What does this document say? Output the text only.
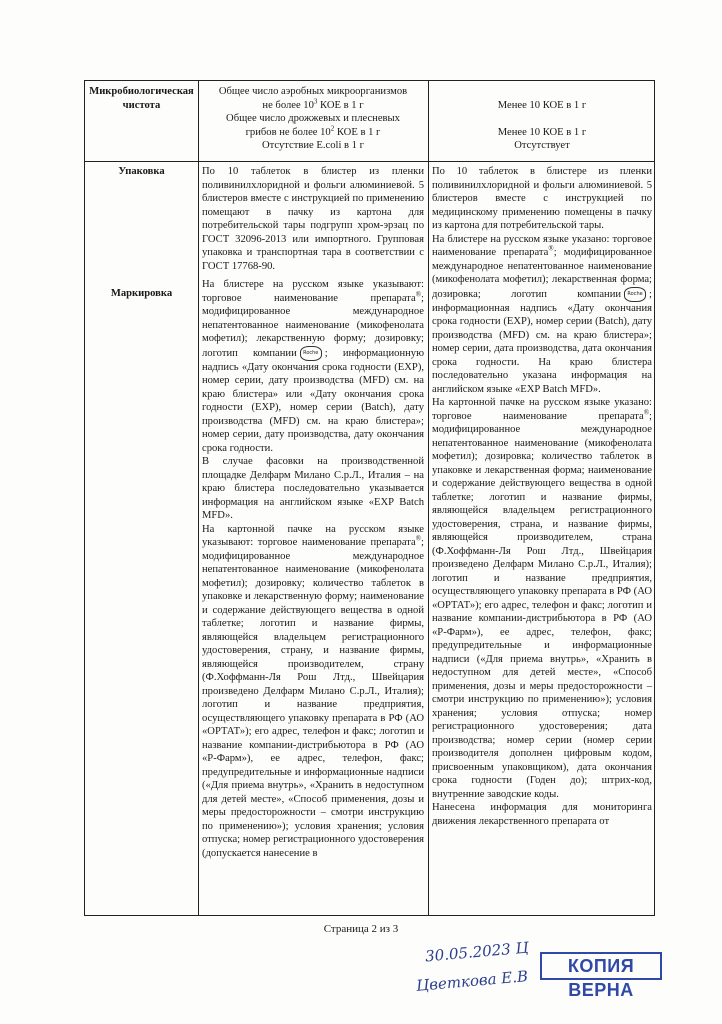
Микробиологическая чистота
Общее число аэробных микроорганизмов
не более $10^3$ КОЕ в 1 г
Общее число дрожжевых и плесневых
грибов не более $10^2$ КОЕ в 1 г
Отсутствие E.coli в 1 г
Менее 10 КОЕ в 1 г
Менее 10 КОЕ в 1 г
Отсутствует
Упаковка
Маркировка

По 10 таблеток в блистер из пленки поливинилхлоридной и фольги алюминиевой. 5 блистеров вместе с инструкцией по применению помещают в пачку из картона для потребительской тары подгрупп хром-эрзац по ГОСТ 32096-2013 или импортного. Групповая упаковка и транспортная тара в соответствии с ГОСТ 17768-90.

На блистере на русском языке указывают: торговое наименование препарата®; модифицированное международное непатентованное наименование (микофенолата мофетил); лекарственную форму; дозировку; логотип компании Roche ; информационную надпись «Дату окончания срока годности (EXP), номер серии, дату производства (MFD) см. на краю блистера» или «Дату окончания срока годности (EXP), номер серии (Batch), дату производства (MFD) см. на краю блистера»; номер серии, дату производства, дату окончания срока годности.

В случае фасовки на производственной площадке Делфарм Милано С.р.Л., Италия – на краю блистера последовательно указывается информация на английском языке «EXP Batch MFD».

На картонной пачке на русском языке указывают: торговое наименование препарата®; модифицированное международное непатентованное наименование (микофенолата мофетил); дозировку; количество таблеток в упаковке и лекарственную форму; наименование и содержание действующего вещества в одной таблетке; логотип и название фирмы, являющейся владельцем регистрационного удостоверения, страну, и название фирмы, являющейся производителем, страну (Ф.Хоффманн-Ля Рош Лтд., Швейцария произведено Делфарм Милано С.р.Л., Италия); логотип и название предприятия, осуществляющего упаковку препарата в РФ (АО «ОРТАТ»); его адрес, телефон и факс; логотип и название компании-дистрибьютора в РФ (АО «Р-Фарм»), ее адрес, телефон, факс; предупредительные и информационные надписи («Для приема внутрь», «Хранить в недоступном для детей месте», «Способ применения, дозы и меры предосторожности – смотри инструкцию по применению»); условия хранения; условия отпуска; номер регистрационного удостоверения (допускается нанесение в

По 10 таблеток в блистере из пленки поливинилхлоридной и фольги алюминиевой. 5 блистеров вместе с инструкцией по медицинскому применению помещены в пачку из картона для потребительской тары.

На блистере на русском языке указано: торговое наименование препарата®; модифицированное международное непатентованное наименование (микофенолата мофетил); лекарственная форма; дозировка; логотип компании Roche ; информационная надпись «Дату окончания срока годности (EXP), номер серии (Batch), дату производства (MFD) см. на краю блистера»; номер серии, дата производства, дата окончания срока годности. На краю блистера последовательно указана информация на английском языке «EXP Batch MFD».

На картонной пачке на русском языке указано: торговое наименование препарата®; модифицированное международное непатентованное наименование (микофенолата мофетил); дозировка; количество таблеток в упаковке и лекарственная форма; наименование и содержание действующего вещества в одной таблетке; логотип и название фирмы, являющейся владельцем регистрационного удостоверения, страна, и название фирмы, являющейся производителем, страна (Ф.Хоффманн-Ля Рош Лтд., Швейцария произведено Делфарм Милано С.р.Л., Италия); логотип и название предприятия, осуществляющего упаковку препарата в РФ (АО «ОРТАТ»); его адрес, телефон и факс; логотип и название компании-дистрибьютора в РФ (АО «Р-Фарм»), ее адрес, телефон, факс; предупредительные и информационные надписи («Для приема внутрь», «Хранить в недоступном для детей месте», «Способ применения, дозы и меры предосторожности – смотри инструкцию по применению»); условия хранения; условия отпуска; номер регистрационного удостоверения; дата производства; номер серии (номер серии производителя дополнен цифровым кодом, присвоенным упаковщиком), дата окончания срока годности (Годен до); штрих-код, внутренние заводские коды.

Нанесена информация для мониторинга движения лекарственного препарата от

Страница 2 из 3
30.05.2023 Ц
Цветкова Е.В
КОПИЯ ВЕРНА
